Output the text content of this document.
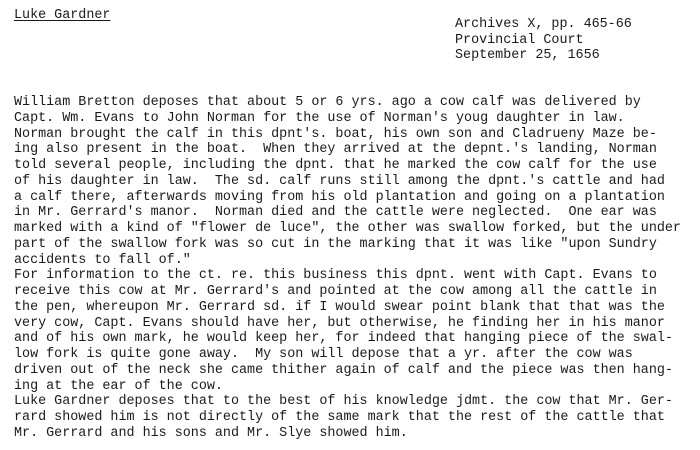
Luke Gardner
Archives X, pp. 465-66
Provincial Court
September 25, 1656
William Bretton deposes that about 5 or 6 yrs. ago a cow calf was delivered by
Capt. Wm. Evans to John Norman for the use of Norman's youg daughter in law.
Norman brought the calf in this dpnt's. boat, his own son and Cladrueny Maze be-
ing also present in the boat.  When they arrived at the depnt.'s landing, Norman
told several people, including the dpnt. that he marked the cow calf for the use
of his daughter in law.  The sd. calf runs still among the dpnt.'s cattle and had
a calf there, afterwards moving from his old plantation and going on a plantation
in Mr. Gerrard's manor.  Norman died and the cattle were neglected.  One ear was
marked with a kind of "flower de luce", the other was swallow forked, but the under
part of the swallow fork was so cut in the marking that it was like "upon Sundry
accidents to fall of."
For information to the ct. re. this business this dpnt. went with Capt. Evans to
receive this cow at Mr. Gerrard's and pointed at the cow among all the cattle in
the pen, whereupon Mr. Gerrard sd. if I would swear point blank that that was the
very cow, Capt. Evans should have her, but otherwise, he finding her in his manor
and of his own mark, he would keep her, for indeed that hanging piece of the swal-
low fork is quite gone away.  My son will depose that a yr. after the cow was
driven out of the neck she came thither again of calf and the piece was then hang-
ing at the ear of the cow.
Luke Gardner deposes that to the best of his knowledge jdmt. the cow that Mr. Ger-
rard showed him is not directly of the same mark that the rest of the cattle that
Mr. Gerrard and his sons and Mr. Slye showed him.
